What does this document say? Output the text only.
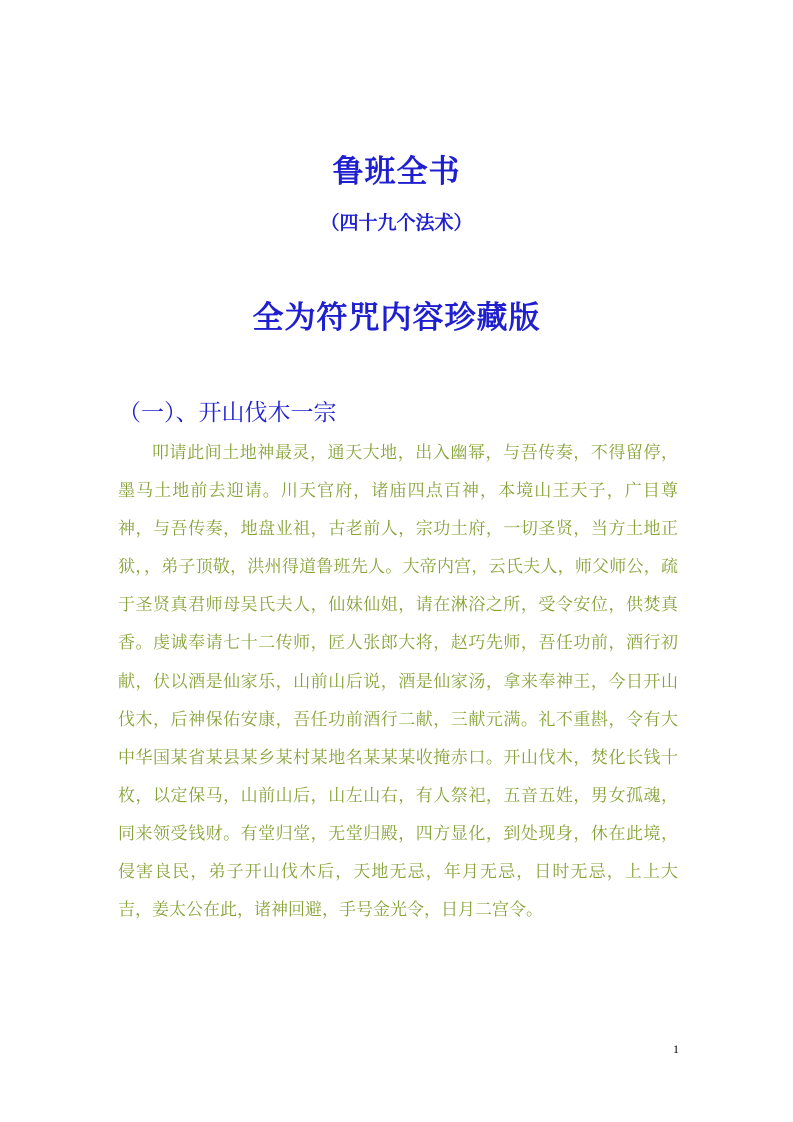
鲁班全书
（四十九个法术）
全为符咒内容珍藏版
（一）、开山伐木一宗

叩请此间土地神最灵，通天大地，出入幽幂，与吾传奏，不得留停，墨马土地前去迎请。川天官府，诸庙四点百神，本境山王天子，广目尊神，与吾传奏，地盘业祖，古老前人，宗功土府，一切圣贤，当方土地正狱，，弟子顶敬，洪州得道鲁班先人。大帝内宫，云氏夫人，师父师公，疏于圣贤真君师母吴氏夫人，仙妹仙姐，请在淋浴之所，受令安位，供焚真香。虔诚奉请七十二传师，匠人张郎大将，赵巧先师，吾任功前，酒行初献，伏以酒是仙家乐，山前山后说，酒是仙家汤，拿来奉神王，今日开山伐木，后神保佑安康，吾任功前酒行二献，三献元满。礼不重斟，令有大中华国某省某县某乡某村某地名某某某收掩赤口。开山伐木，焚化长钱十枚，以定保马，山前山后，山左山右，有人祭祀，五音五姓，男女孤魂，同来领受钱财。有堂归堂，无堂归殿，四方显化，到处现身，休在此境，侵害良民，弟子开山伐木后，天地无忌，年月无忌，日时无忌，上上大吉，姜太公在此，诸神回避，手号金光令，日月二宫令。

1
